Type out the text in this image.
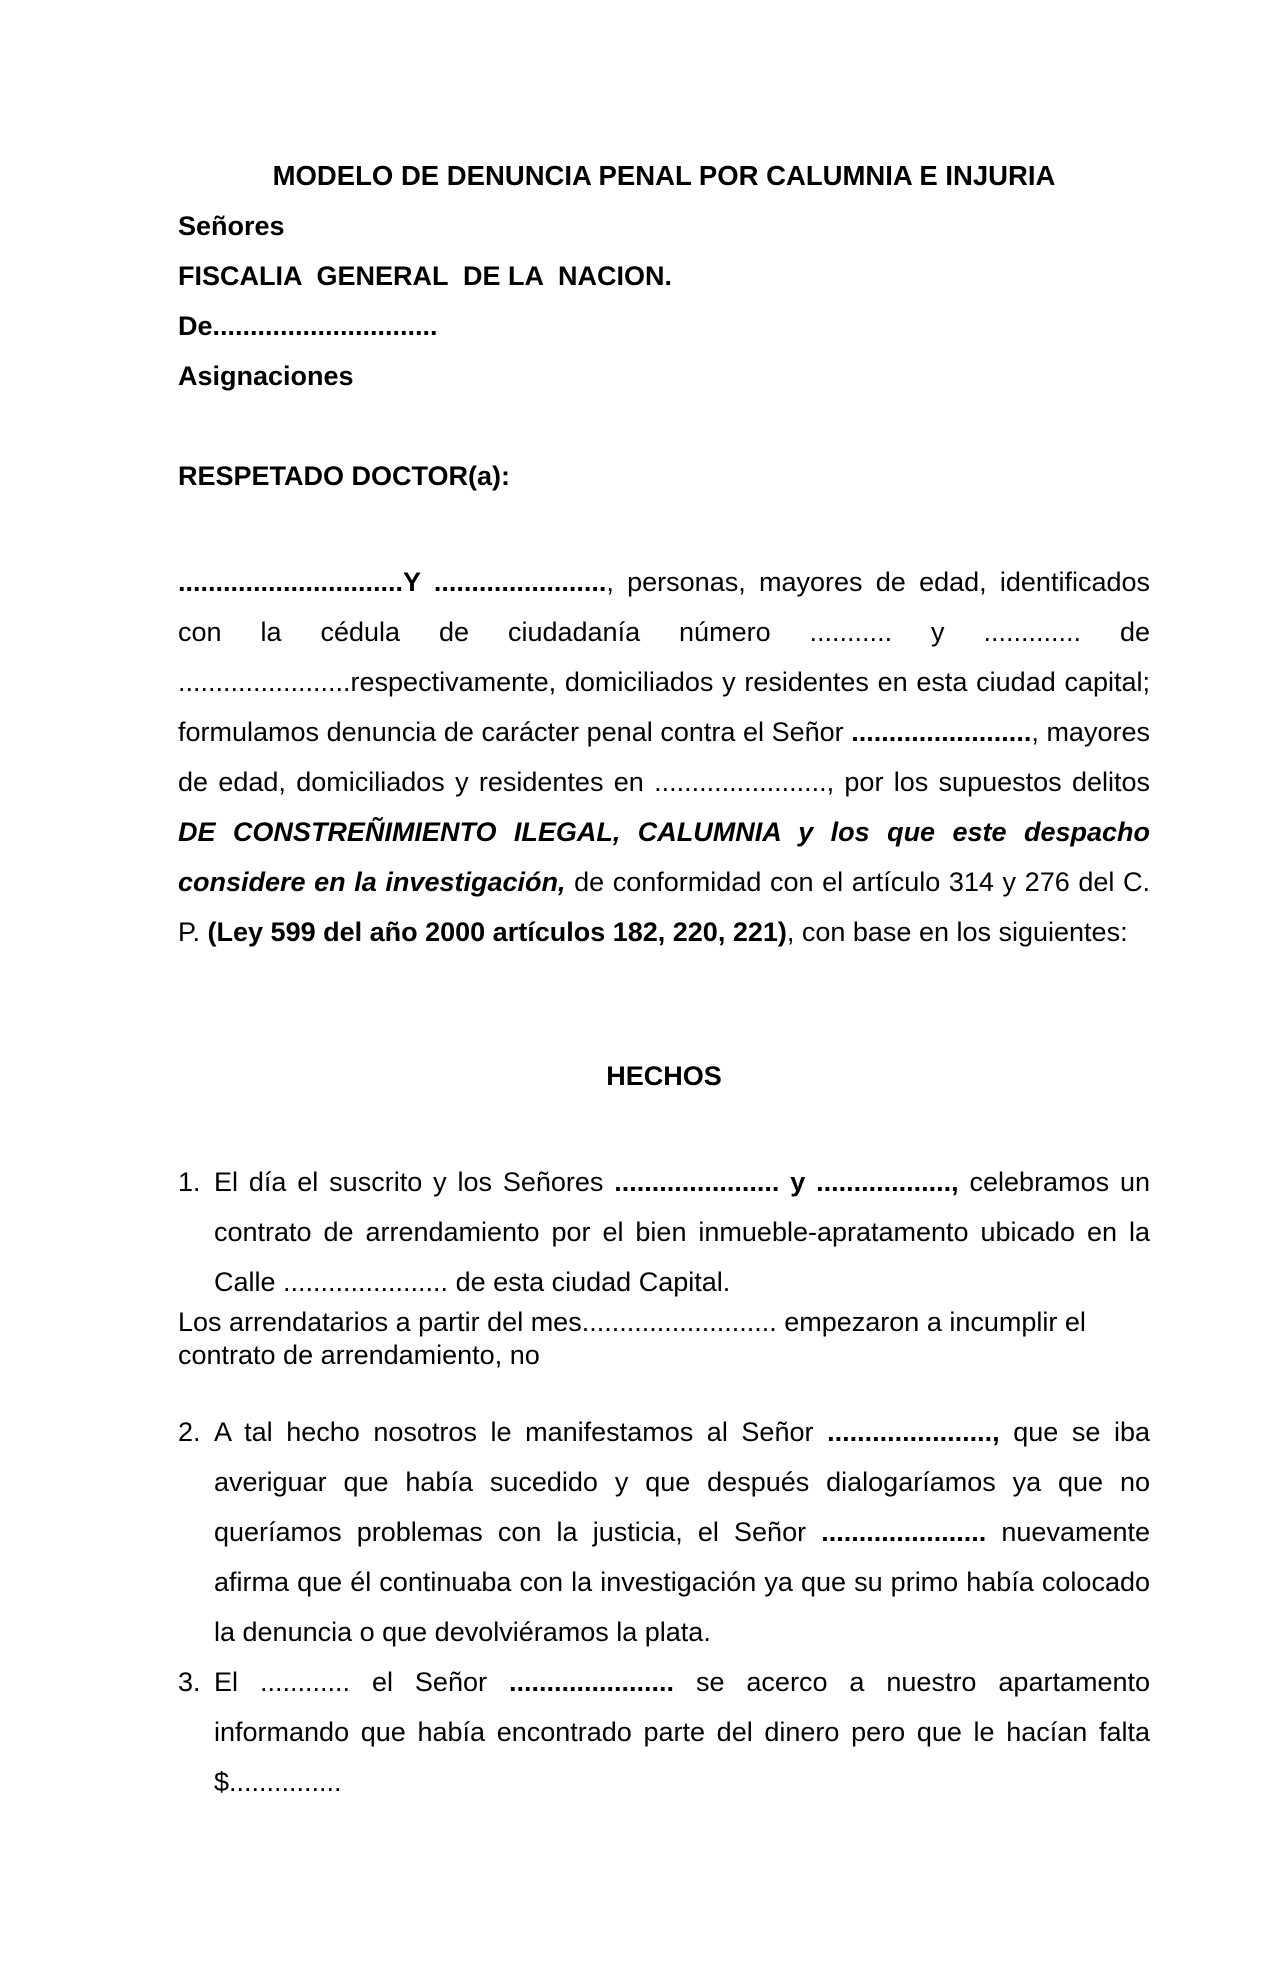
MODELO DE DENUNCIA PENAL POR CALUMNIA E INJURIA
Señores
FISCALIA  GENERAL  DE LA  NACION.
De..............................
Asignaciones
RESPETADO DOCTOR(a):
..............................Y ......................., personas, mayores de edad, identificados con la cédula de ciudadanía número ........... y ............. de .......................respectivamente, domiciliados y residentes en esta ciudad capital; formulamos denuncia de carácter penal contra el Señor ........................, mayores de edad, domiciliados y residentes en ......................., por los supuestos delitos DE CONSTREÑIMIENTO ILEGAL, CALUMNIA y los que este despacho considere en la investigación, de conformidad con el artículo 314 y 276 del C. P. (Ley 599 del año 2000 artículos 182, 220, 221), con base en los siguientes:
HECHOS
1. El día el suscrito y los Señores ...................... y .................., celebramos un contrato de arrendamiento por el bien inmueble-apratamento ubicado en la Calle ...................... de esta ciudad Capital.
Los arrendatarios a partir del mes.......................... empezaron a incumplir el contrato de arrendamiento, no
2. A tal hecho nosotros le manifestamos al Señor ......................, que se iba averiguar que había sucedido y que después dialogaríamos ya que no queríamos problemas con la justicia, el Señor ...................... nuevamente afirma que él continuaba con la investigación ya que su primo había colocado la denuncia o que devolviéramos la plata.
3. El ............ el Señor ...................... se acerco a nuestro apartamento informando que había encontrado parte del dinero pero que le hacían falta $...............
